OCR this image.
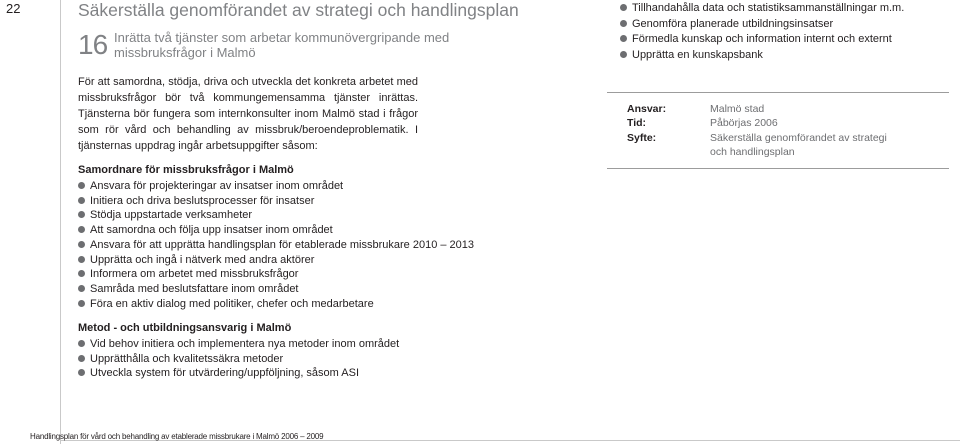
22	Säkerställa genomförandet av strategi och handlingsplan
16 Inrätta två tjänster som arbetar kommunövergripande med
missbruksfrågor i Malmö
Tillhandahålla data och statistiksammanställningar m.m.
Genomföra planerade utbildningsinsatser
Förmedla kunskap och information internt och externt
Upprätta en kunskapsbank

För att samordna, stödja, driva och utveckla det konkreta arbetet med missbruksfrågor bör två kommungemensamma tjänster inrättas. Tjänsterna bör fungera som internkonsulter inom Malmö stad i frågor som rör vård och behandling av missbruk/beroendeproblematik. I tjänsternas uppdrag ingår arbetsuppgifter såsom:

Samordnare för missbruksfrågor i Malmö
Ansvara för projekteringar av insatser inom området
Initiera och driva beslutsprocesser för insatser
Stödja uppstartade verksamheter
Att samordna och följa upp insatser inom området
Ansvara för att upprätta handlingsplan för etablerade missbrukare 2010 – 2013
Upprätta och ingå i nätverk med andra aktörer
Informera om arbetet med missbruksfrågor
Samråda med beslutsfattare inom området
Föra en aktiv dialog med politiker, chefer och medarbetare
Metod - och utbildningsansvarig i Malmö
Vid behov initiera och implementera nya metoder inom området
Upprätthålla och kvalitetssäkra metoder
Utveckla system för utvärdering/uppföljning, såsom ASI
Ansvar:	Malmö stad
Tid:	Påbörjas 2006
Syfte:	Säkerställa genomförandet av strategi och handlingsplan
Handlingsplan för vård och behandling av etablerade missbrukare i Malmö 2006 – 2009
